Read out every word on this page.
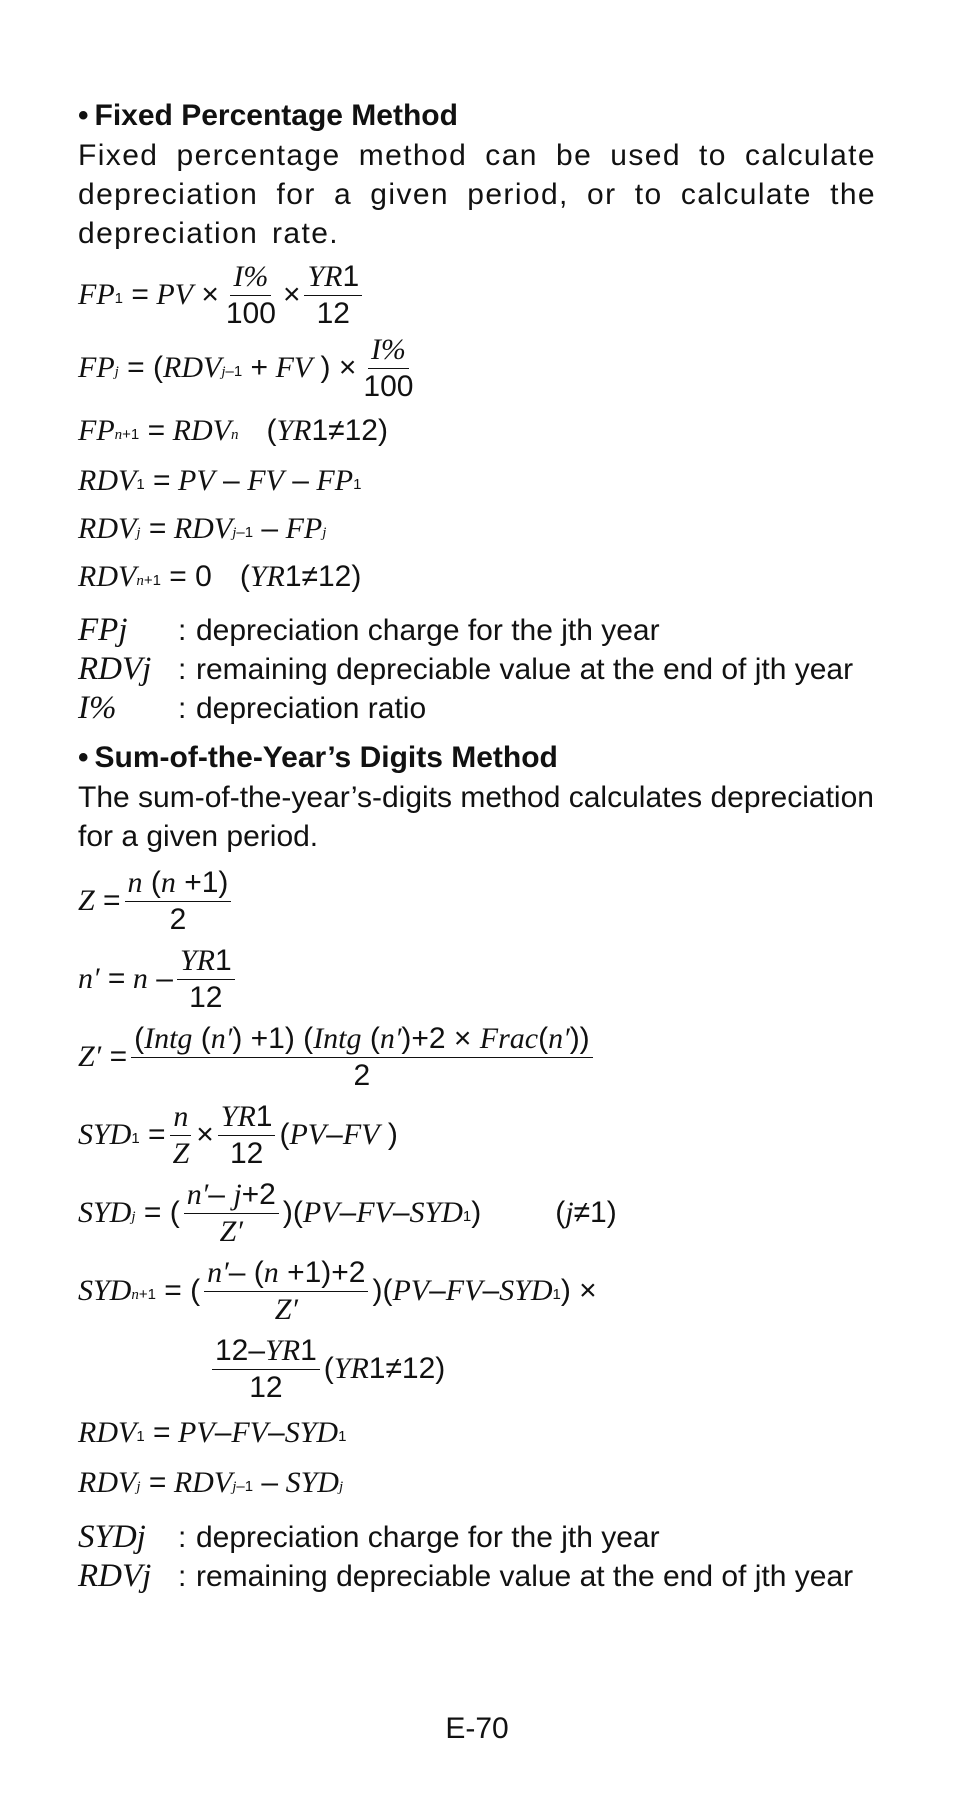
• Fixed Percentage Method

Fixed percentage method can be used to calculate depreciation for a given period, or to calculate the depreciation rate.

FP 1 = PV × $\frac{I\%}{100} \times \frac{YR1}{12}$
FP j = ( RDV j –1 + FV ) × $\frac{I\%}{100}$
FP n +1 = RDV n ( YR 1≠12)
RDV 1 = PV – FV – FP 1
RDV j = RDV j –1 – FP j
RDV n +1 = 0 ( YR 1≠12)
FPj	: depreciation charge for the jth year
RDVj : remaining depreciable value at the end of jth year
I%	: depreciation ratio

• Sum-of-the-Year’s Digits Method

The sum-of-the-year’s-digits method calculates depreciation for a given period.

$Z = \frac{n (n +1)}{2}$
$n' = n - \frac{YR1}{12}$
$Z' = \frac{\text{(Intg (n′) +1) (Intg (n′)+2 × Frac(n′))}}{2}$
SYD $1 = \frac{n}{Z} \times \frac{YR1}{12}$ ( PV – FV )
SYD j = ( $\frac{n'- j+2}{Z'}$ )( PV – FV – SYD 1 ) ( j ≠1)
SYD n +1 = ( $\frac{n'- (n +1)+2}{Z'}$ )( PV – FV – SYD 1 ) ×
$\frac{12-YR1}{12}$ ( YR 1≠12)
RDV 1 = PV – FV – SYD 1
RDV j = RDV j –1 – SYD j
SYDj	: depreciation charge for the jth year
RDVj : remaining depreciable value at the end of jth year
E-70
